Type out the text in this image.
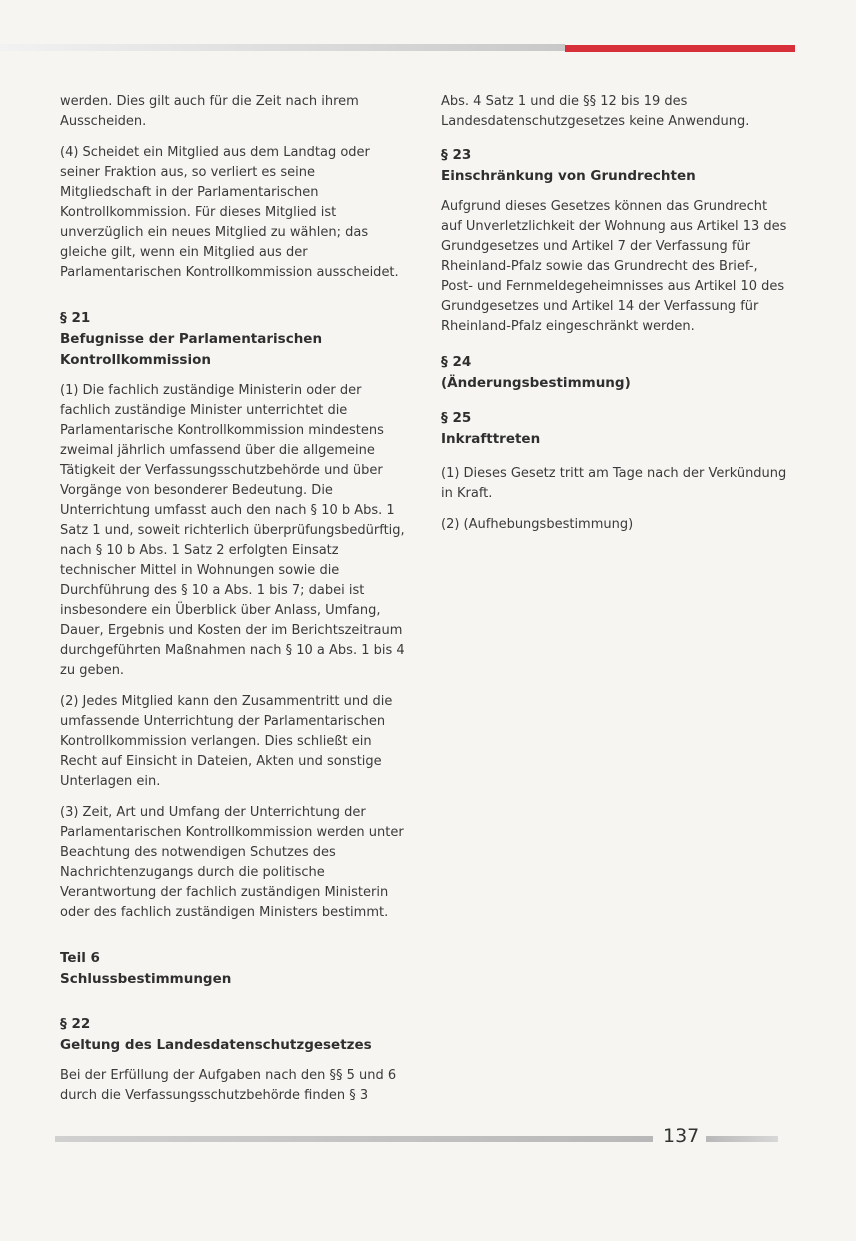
werden. Dies gilt auch für die Zeit nach ihrem Ausscheiden.

(4) Scheidet ein Mitglied aus dem Landtag oder seiner Fraktion aus, so verliert es seine Mitgliedschaft in der Parlamentarischen Kontrollkommission. Für dieses Mitglied ist unverzüglich ein neues Mitglied zu wählen; das gleiche gilt, wenn ein Mitglied aus der Parlamentarischen Kontrollkommission ausscheidet.

§ 21
Befugnisse der Parlamentarischen Kontrollkommission

(1) Die fachlich zuständige Ministerin oder der fachlich zuständige Minister unterrichtet die Parlamentarische Kontrollkommission mindestens zweimal jährlich umfassend über die allgemeine Tätigkeit der Verfassungsschutzbehörde und über Vorgänge von besonderer Bedeutung. Die Unterrichtung umfasst auch den nach § 10 b Abs. 1 Satz 1 und, soweit richterlich überprüfungsbedürftig, nach § 10 b Abs. 1 Satz 2 erfolgten Einsatz technischer Mittel in Wohnungen sowie die Durchführung des § 10 a Abs. 1 bis 7; dabei ist insbesondere ein Überblick über Anlass, Umfang, Dauer, Ergebnis und Kosten der im Berichtszeitraum durchgeführten Maßnahmen nach § 10 a Abs. 1 bis 4 zu geben.

(2) Jedes Mitglied kann den Zusammentritt und die umfassende Unterrichtung der Parlamentarischen Kontrollkommission verlangen. Dies schließt ein Recht auf Einsicht in Dateien, Akten und sonstige Unterlagen ein.

(3) Zeit, Art und Umfang der Unterrichtung der Parlamentarischen Kontrollkommission werden unter Beachtung des notwendigen Schutzes des Nachrichtenzugangs durch die politische Verantwortung der fachlich zuständigen Ministerin oder des fachlich zuständigen Ministers bestimmt.

Teil 6
Schlussbestimmungen
§ 22
Geltung des Landesdatenschutzgesetzes

Bei der Erfüllung der Aufgaben nach den §§ 5 und 6 durch die Verfassungsschutzbehörde finden § 3

Abs. 4 Satz 1 und die §§ 12 bis 19 des Landesdatenschutzgesetzes keine Anwendung.

§ 23
Einschränkung von Grundrechten

Aufgrund dieses Gesetzes können das Grundrecht auf Unverletzlichkeit der Wohnung aus Artikel 13 des Grundgesetzes und Artikel 7 der Verfassung für Rheinland-Pfalz sowie das Grundrecht des Brief-, Post- und Fernmeldegeheimnisses aus Artikel 10 des Grundgesetzes und Artikel 14 der Verfassung für Rheinland-Pfalz eingeschränkt werden.

§ 24
(Änderungsbestimmung)
§ 25
Inkrafttreten

(1) Dieses Gesetz tritt am Tage nach der Verkündung in Kraft.

(2) (Aufhebungsbestimmung)

137
